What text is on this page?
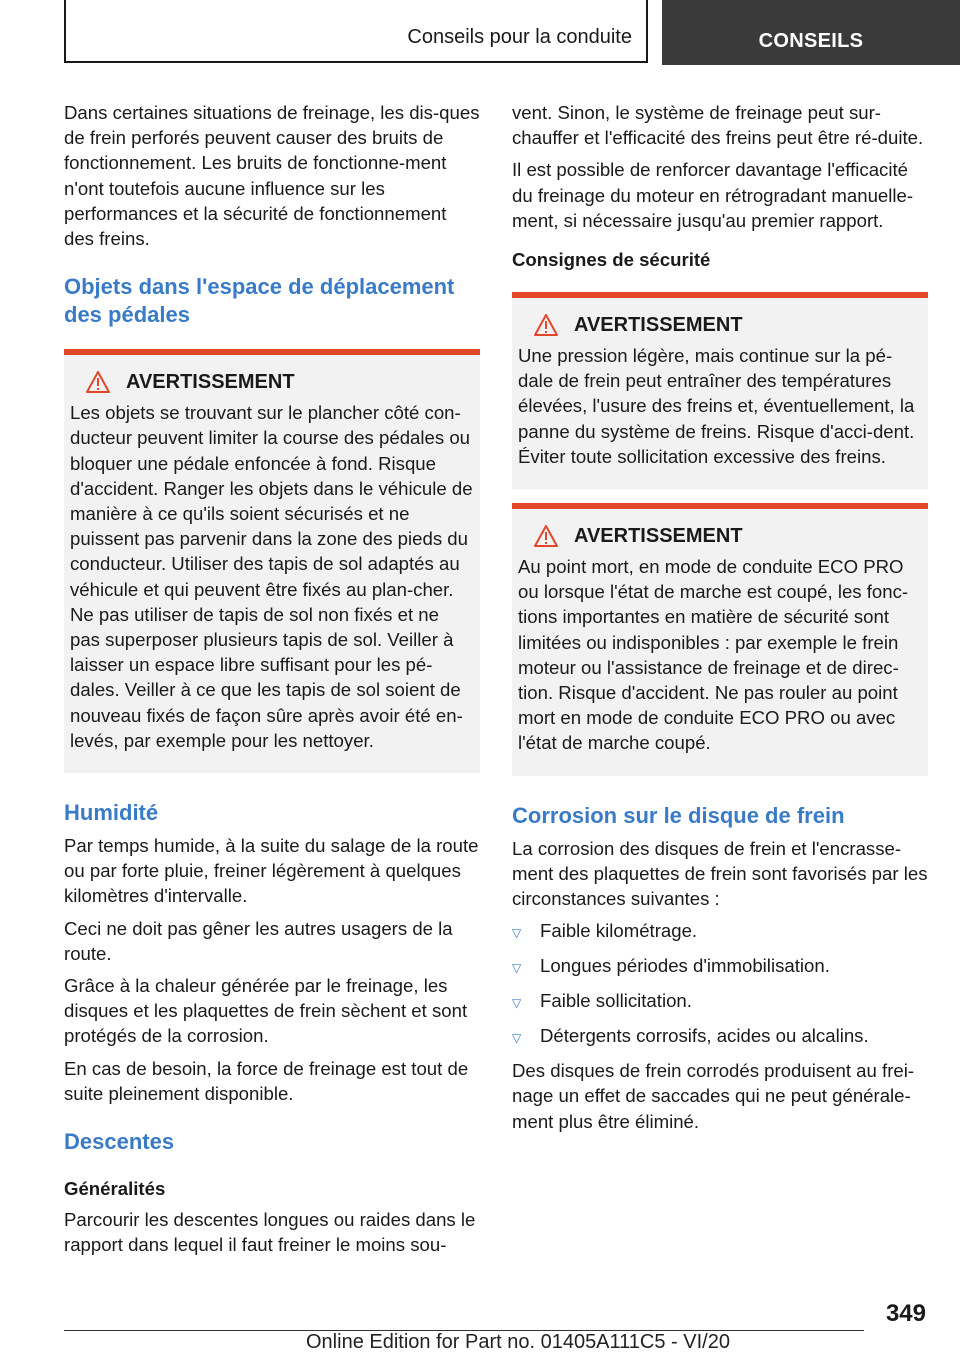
Conseils pour la conduite	CONSEILS

Dans certaines situations de freinage, les dis-ques de frein perforés peuvent causer des bruits de fonctionnement. Les bruits de fonctionne-ment n'ont toutefois aucune influence sur les performances et la sécurité de fonctionnement des freins.

Objets dans l'espace de déplacement des pédales
AVERTISSEMENT

Les objets se trouvant sur le plancher côté con-ducteur peuvent limiter la course des pédales ou bloquer une pédale enfoncée à fond. Risque d'accident. Ranger les objets dans le véhicule de manière à ce qu'ils soient sécurisés et ne puissent pas parvenir dans la zone des pieds du conducteur. Utiliser des tapis de sol adaptés au véhicule et qui peuvent être fixés au plan-cher. Ne pas utiliser de tapis de sol non fixés et ne pas superposer plusieurs tapis de sol. Veiller à laisser un espace libre suffisant pour les pé-dales. Veiller à ce que les tapis de sol soient de nouveau fixés de façon sûre après avoir été en-levés, par exemple pour les nettoyer.

Humidité

Par temps humide, à la suite du salage de la route ou par forte pluie, freiner légèrement à quelques kilomètres d'intervalle.

Ceci ne doit pas gêner les autres usagers de la route.

Grâce à la chaleur générée par le freinage, les disques et les plaquettes de frein sèchent et sont protégés de la corrosion.

En cas de besoin, la force de freinage est tout de suite pleinement disponible.

Descentes
Généralités

Parcourir les descentes longues ou raides dans le rapport dans lequel il faut freiner le moins sou-

vent. Sinon, le système de freinage peut sur-chauffer et l'efficacité des freins peut être ré-duite.

Il est possible de renforcer davantage l'efficacité du freinage du moteur en rétrogradant manuelle-ment, si nécessaire jusqu'au premier rapport.

Consignes de sécurité
AVERTISSEMENT

Une pression légère, mais continue sur la pé-dale de frein peut entraîner des températures élevées, l'usure des freins et, éventuellement, la panne du système de freins. Risque d'acci-dent. Éviter toute sollicitation excessive des freins.

AVERTISSEMENT

Au point mort, en mode de conduite ECO PRO ou lorsque l'état de marche est coupé, les fonc-tions importantes en matière de sécurité sont limitées ou indisponibles : par exemple le frein moteur ou l'assistance de freinage et de direc-tion. Risque d'accident. Ne pas rouler au point mort en mode de conduite ECO PRO ou avec l'état de marche coupé.

Corrosion sur le disque de frein

La corrosion des disques de frein et l'encrasse-ment des plaquettes de frein sont favorisés par les circonstances suivantes :

▽	Faible kilométrage.
▽	Longues périodes d'immobilisation.
▽	Faible sollicitation.
▽	Détergents corrosifs, acides ou alcalins.

Des disques de frein corrodés produisent au frei-nage un effet de saccades qui ne peut générale-ment plus être éliminé.

349
Online Edition for Part no. 01405A111C5 - VI/20
